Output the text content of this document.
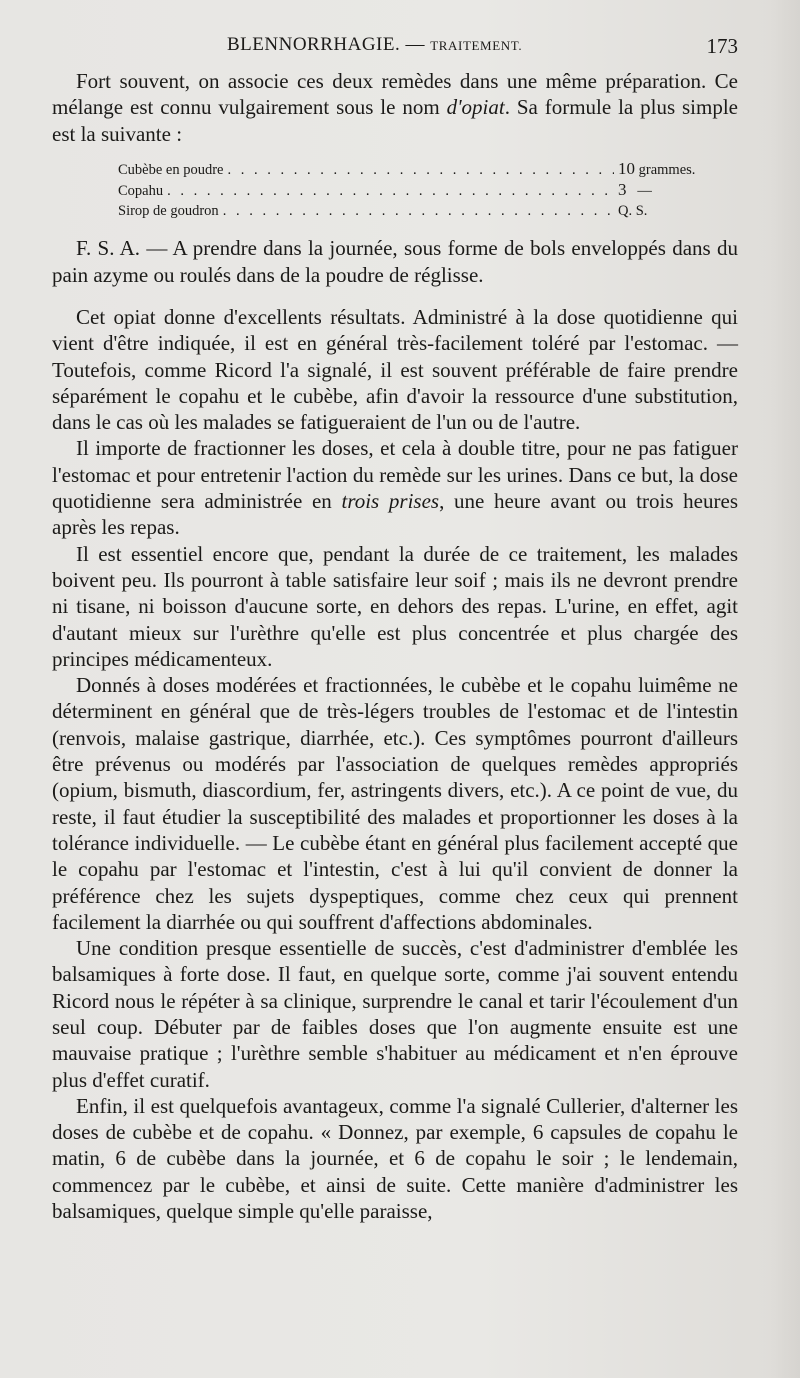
BLENNORRHAGIE. — TRAITEMENT.	173

Fort souvent, on associe ces deux remèdes dans une même préparation. Ce mélange est connu vulgairement sous le nom d'opiat. Sa formule la plus simple est la suivante :

Cubèbe en poudre . . .	10 grammes.
Copahu . . .	3 —
Sirop de goudron . . .	Q. S.

F. S. A. — A prendre dans la journée, sous forme de bols enveloppés dans du pain azyme ou roulés dans de la poudre de réglisse.

Cet opiat donne d'excellents résultats. Administré à la dose quotidienne qui vient d'être indiquée, il est en général très-facilement toléré par l'estomac. — Toutefois, comme Ricord l'a signalé, il est souvent préférable de faire prendre séparément le copahu et le cubèbe, afin d'avoir la ressource d'une substitution, dans le cas où les malades se fatigueraient de l'un ou de l'autre.

Il importe de fractionner les doses, et cela à double titre, pour ne pas fatiguer l'estomac et pour entretenir l'action du remède sur les urines. Dans ce but, la dose quotidienne sera administrée en trois prises, une heure avant ou trois heures après les repas.

Il est essentiel encore que, pendant la durée de ce traitement, les malades boivent peu. Ils pourront à table satisfaire leur soif ; mais ils ne devront prendre ni tisane, ni boisson d'aucune sorte, en dehors des repas. L'urine, en effet, agit d'autant mieux sur l'urèthre qu'elle est plus concentrée et plus chargée des principes médicamenteux.

Donnés à doses modérées et fractionnées, le cubèbe et le copahu luimême ne déterminent en général que de très-légers troubles de l'estomac et de l'intestin (renvois, malaise gastrique, diarrhée, etc.). Ces symptômes pourront d'ailleurs être prévenus ou modérés par l'association de quelques remèdes appropriés (opium, bismuth, diascordium, fer, astringents divers, etc.). A ce point de vue, du reste, il faut étudier la susceptibilité des malades et proportionner les doses à la tolérance individuelle. — Le cubèbe étant en général plus facilement accepté que le copahu par l'estomac et l'intestin, c'est à lui qu'il convient de donner la préférence chez les sujets dyspeptiques, comme chez ceux qui prennent facilement la diarrhée ou qui souffrent d'affections abdominales.

Une condition presque essentielle de succès, c'est d'administrer d'emblée les balsamiques à forte dose. Il faut, en quelque sorte, comme j'ai souvent entendu Ricord nous le répéter à sa clinique, surprendre le canal et tarir l'écoulement d'un seul coup. Débuter par de faibles doses que l'on augmente ensuite est une mauvaise pratique ; l'urèthre semble s'habituer au médicament et n'en éprouve plus d'effet curatif.

Enfin, il est quelquefois avantageux, comme l'a signalé Cullerier, d'alterner les doses de cubèbe et de copahu. « Donnez, par exemple, 6 capsules de copahu le matin, 6 de cubèbe dans la journée, et 6 de copahu le soir ; le lendemain, commencez par le cubèbe, et ainsi de suite. Cette manière d'administrer les balsamiques, quelque simple qu'elle paraisse,
